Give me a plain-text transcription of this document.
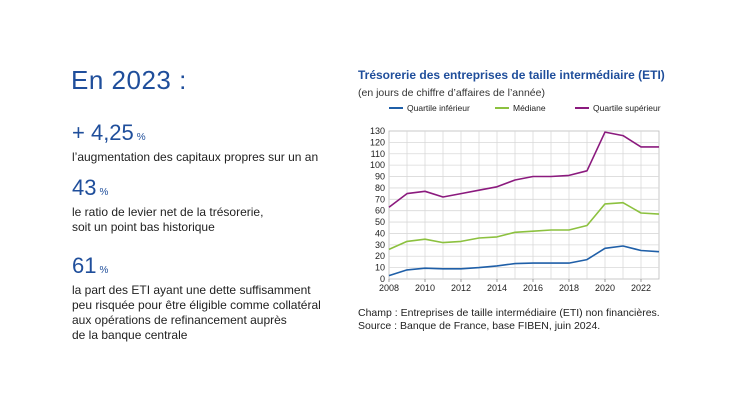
En 2023 :
+ 4,25 %
l’augmentation des capitaux propres sur un an
43 %
le ratio de levier net de la trésorerie,
soit un point bas historique
61 %
la part des ETI ayant une dette suffisamment
peu risquée pour être éligible comme collatéral
aux opérations de refinancement auprès
de la banque centrale
Trésorerie des entreprises de taille intermédiaire (ETI)
(en jours de chiffre d’affaires de l’année)
0
10
20
30
40
50
60
70
80
90
100
110
120
130
2008 2010 2012 2014 2016 2018 2020 2022
Quartile inférieur	Médiane	Quartile supérieur
Champ : Entreprises de taille intermédiaire (ETI) non financières.
Source : Banque de France, base FIBEN, juin 2024.
